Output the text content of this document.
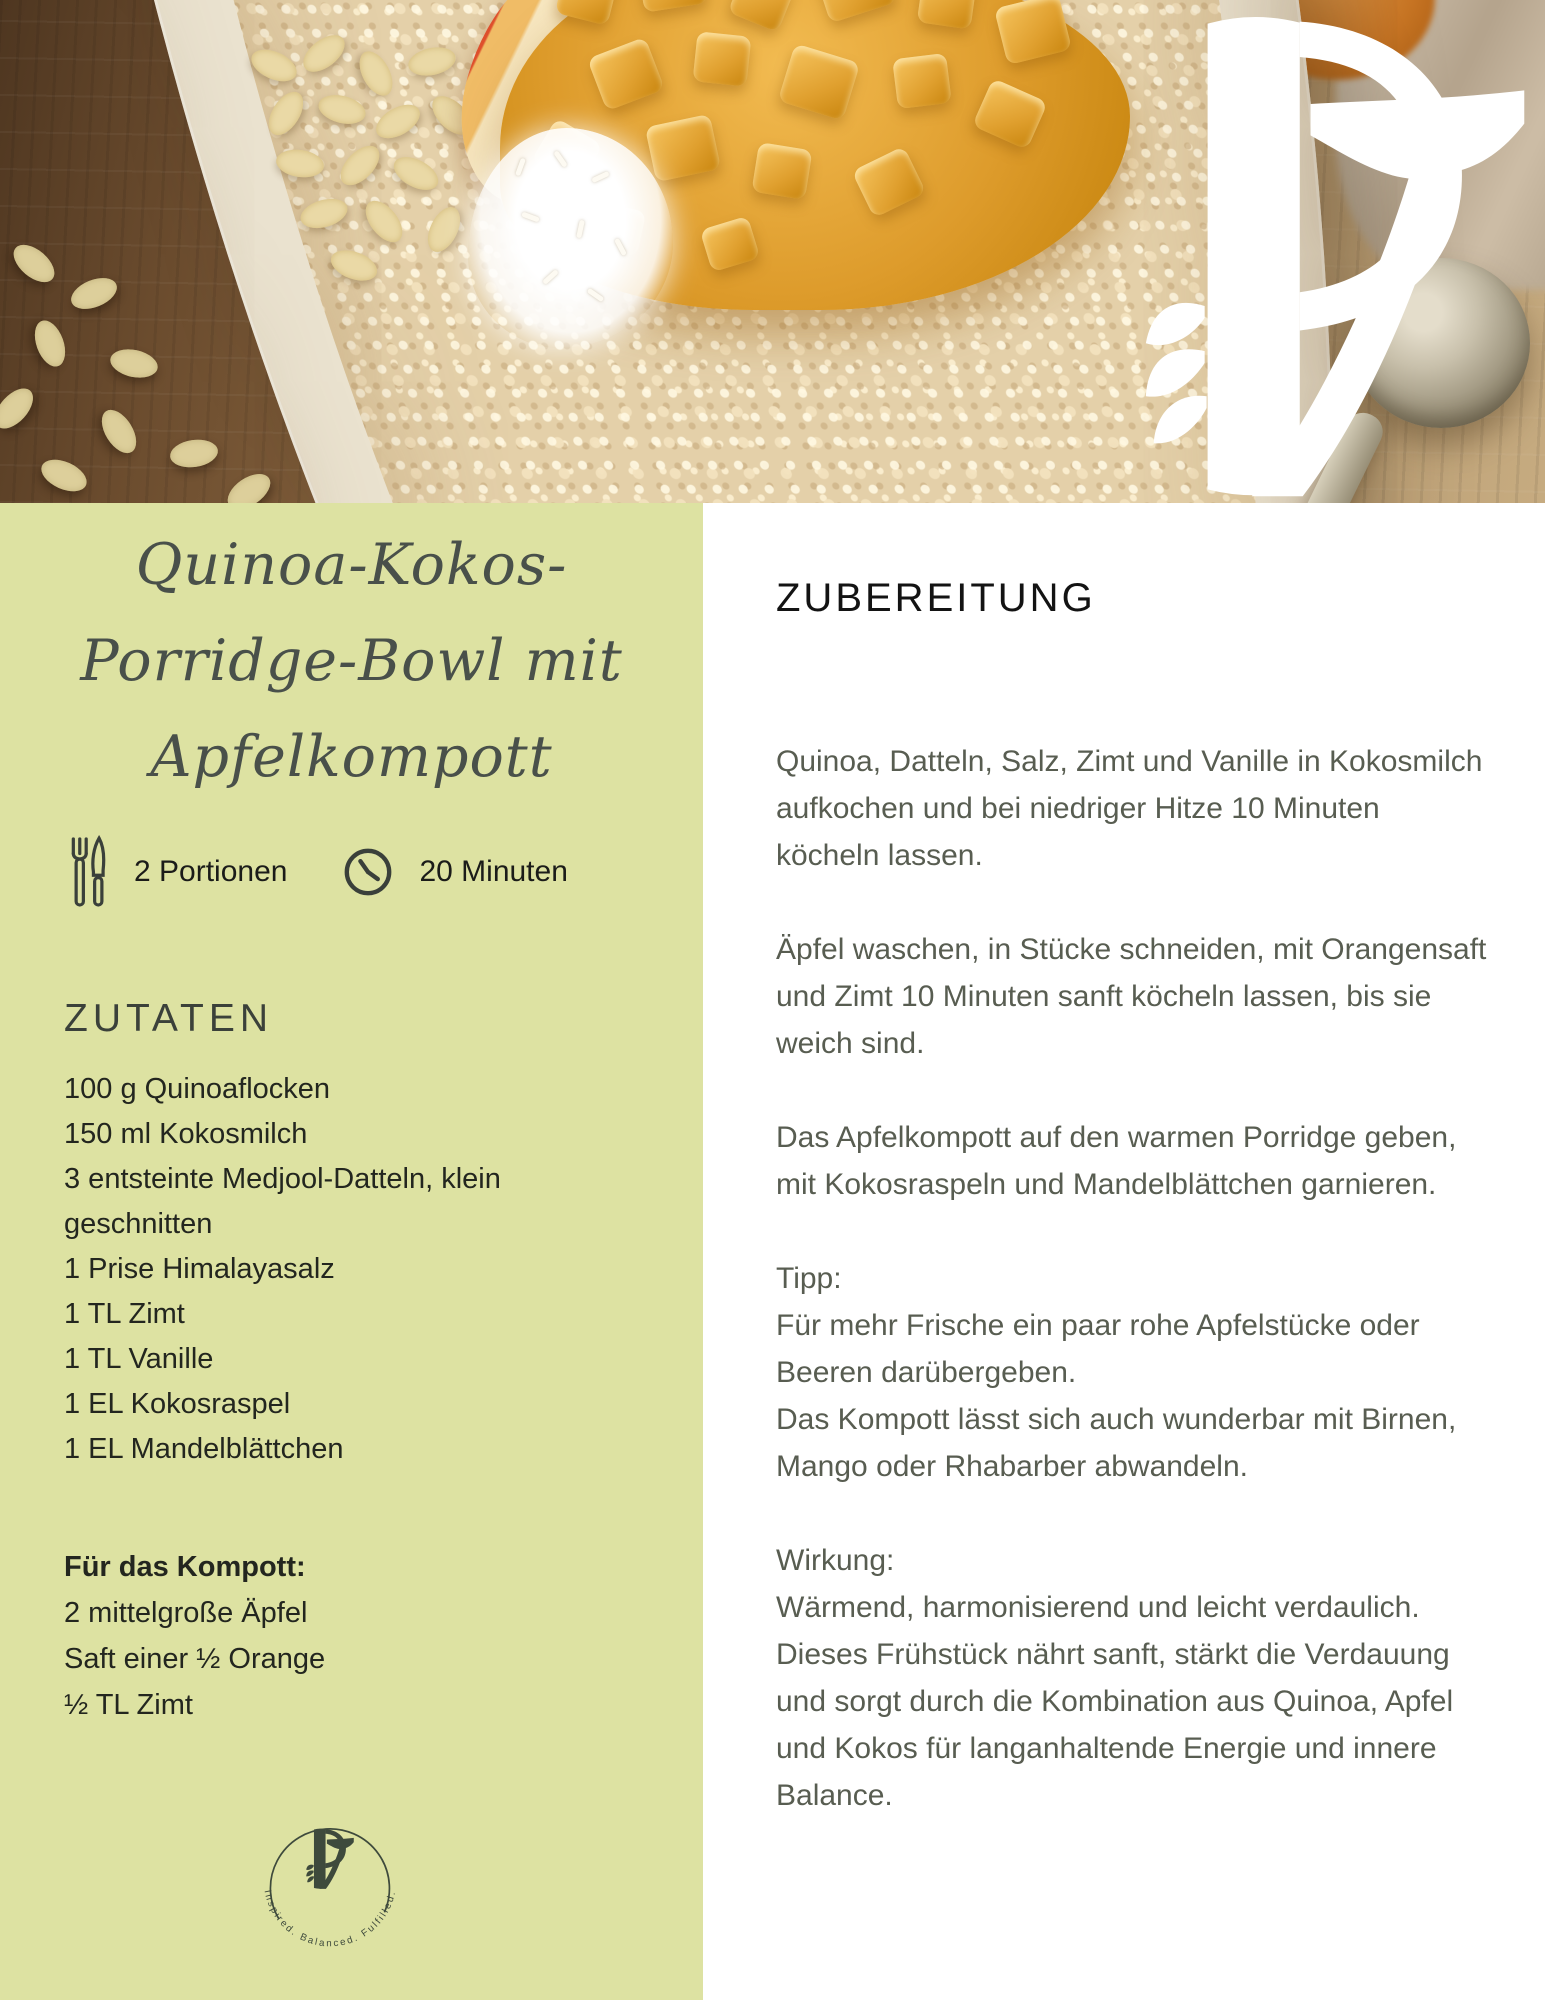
Quinoa-Kokos-
Porridge-Bowl mit
Apfelkompott
2 Portionen	20 Minuten
ZUTATEN
100 g Quinoaflocken
150 ml Kokosmilch
3 entsteinte Medjool-Datteln, klein geschnitten
1 Prise Himalayasalz
1 TL Zimt
1 TL Vanille
1 EL Kokosraspel
1 EL Mandelblättchen
Für das Kompott:
2 mittelgroße Äpfel
Saft einer ½ Orange
½ TL Zimt
Inspired. Balanced. Fulfilled.
ZUBEREITUNG

Quinoa, Datteln, Salz, Zimt und Vanille in Kokosmilch aufkochen und bei niedriger Hitze 10 Minuten köcheln lassen.

Äpfel waschen, in Stücke schneiden, mit Orangensaft und Zimt 10 Minuten sanft köcheln lassen, bis sie weich sind.

Das Apfelkompott auf den warmen Porridge geben, mit Kokosraspeln und Mandelblättchen garnieren.

Tipp:
Für mehr Frische ein paar rohe Apfelstücke oder Beeren darübergeben.
Das Kompott lässt sich auch wunderbar mit Birnen, Mango oder Rhabarber abwandeln.
Wirkung:
Wärmend, harmonisierend und leicht verdaulich.
Dieses Frühstück nährt sanft, stärkt die Verdauung und sorgt durch die Kombination aus Quinoa, Apfel und Kokos für langanhaltende Energie und innere Balance.
